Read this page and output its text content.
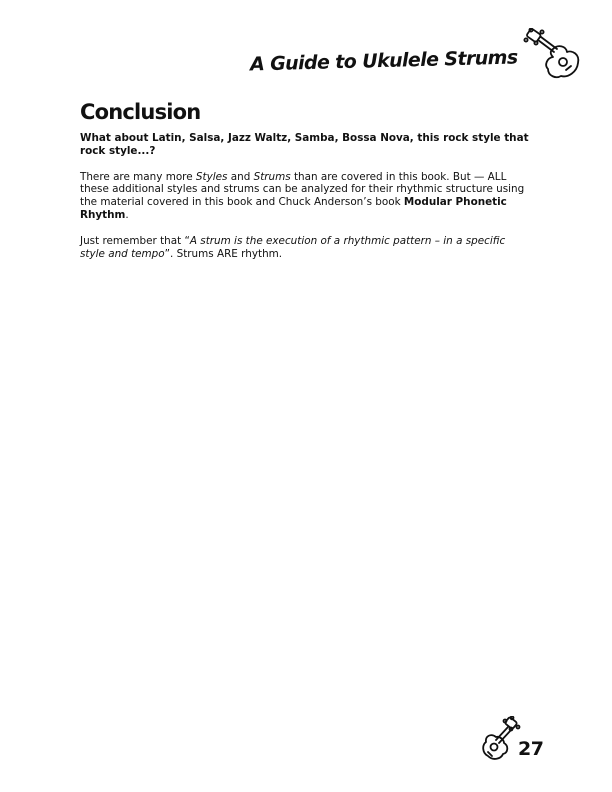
A Guide to Ukulele Strums
Conclusion

What about Latin, Salsa, Jazz Waltz, Samba, Bossa Nova, this rock style that rock style...?

There are many more Styles and Strums than are covered in this book. But — ALL these additional styles and strums can be analyzed for their rhythmic structure using the material covered in this book and Chuck Anderson’s book Modular Phonetic Rhythm.

Just remember that “A strum is the execution of a rhythmic pattern – in a specific style and tempo”. Strums ARE rhythm.

27
